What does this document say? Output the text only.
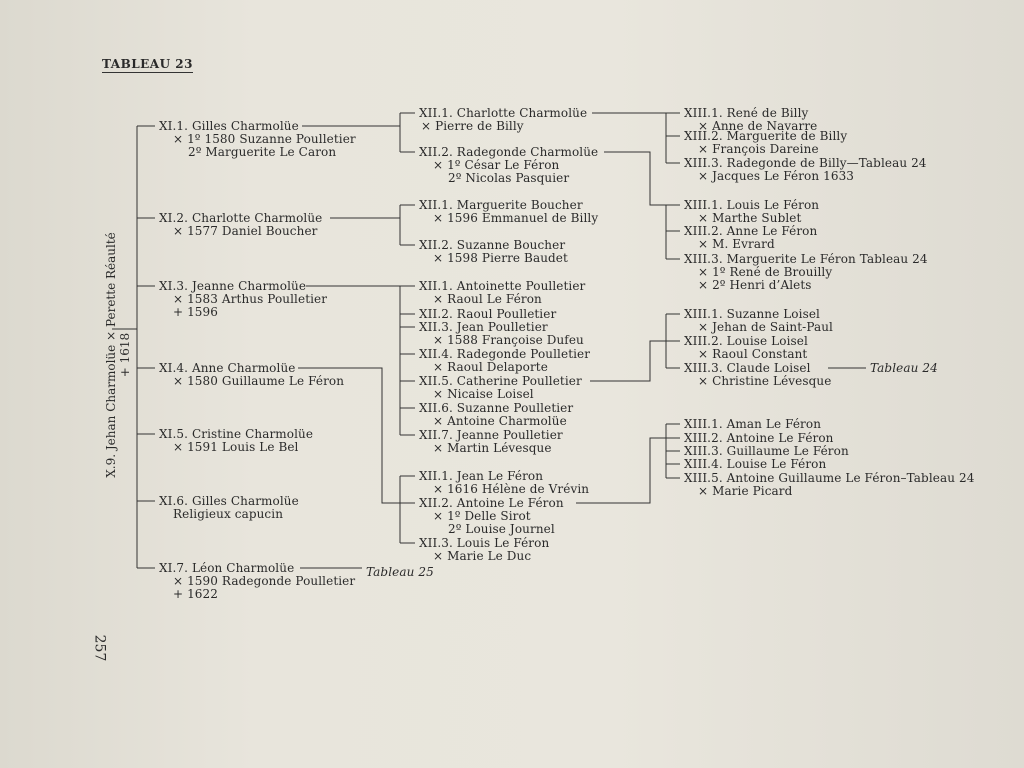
TABLEAU 23
X.9. Jehan Charmolüe × Perette Réaulté + 1618
257
XI.1. Gilles Charmolüe
× 1º 1580 Suzanne Poulletier
2º Marguerite Le Caron
XI.2. Charlotte Charmolüe
× 1577 Daniel Boucher
XI.3. Jeanne Charmolüe
× 1583 Arthus Poulletier
+ 1596
XI.4. Anne Charmolüe
× 1580 Guillaume Le Féron
XI.5. Cristine Charmolüe
× 1591 Louis Le Bel
XI.6. Gilles Charmolüe
Religieux capucin
XI.7. Léon Charmolüe
× 1590 Radegonde Poulletier
+ 1622
Tableau 25
XII.1. Charlotte Charmolüe
× Pierre de Billy
XII.2. Radegonde Charmolüe
× 1º César Le Féron
2º Nicolas Pasquier
XII.1. Marguerite Boucher
× 1596 Emmanuel de Billy
XII.2. Suzanne Boucher
× 1598 Pierre Baudet
XII.1. Antoinette Poulletier
× Raoul Le Féron
XII.2. Raoul Poulletier
XII.3. Jean Poulletier
× 1588 Françoise Dufeu
XII.4. Radegonde Poulletier
× Raoul Delaporte
XII.5. Catherine Poulletier
× Nicaise Loisel
XII.6. Suzanne Poulletier
× Antoine Charmolüe
XII.7. Jeanne Poulletier
× Martin Lévesque
XII.1. Jean Le Féron
× 1616 Hélène de Vrévin
XII.2. Antoine Le Féron
× 1º Delle Sirot
2º Louise Journel
XII.3. Louis Le Féron
× Marie Le Duc
XIII.1. René de Billy
× Anne de Navarre
XIII.2. Marguerite de Billy
× François Dareine
XIII.3. Radegonde de Billy—Tableau 24
× Jacques Le Féron 1633
XIII.1. Louis Le Féron
× Marthe Sublet
XIII.2. Anne Le Féron
× M. Evrard
XIII.3. Marguerite Le Féron Tableau 24
× 1º René de Brouilly
× 2º Henri d’Alets
XIII.1. Suzanne Loisel
× Jehan de Saint-Paul
XIII.2. Louise Loisel
× Raoul Constant
XIII.3. Claude Loisel
× Christine Lévesque
Tableau 24
XIII.1. Aman Le Féron
XIII.2. Antoine Le Féron
XIII.3. Guillaume Le Féron
XIII.4. Louise Le Féron
XIII.5. Antoine Guillaume Le Féron–Tableau 24
× Marie Picard
